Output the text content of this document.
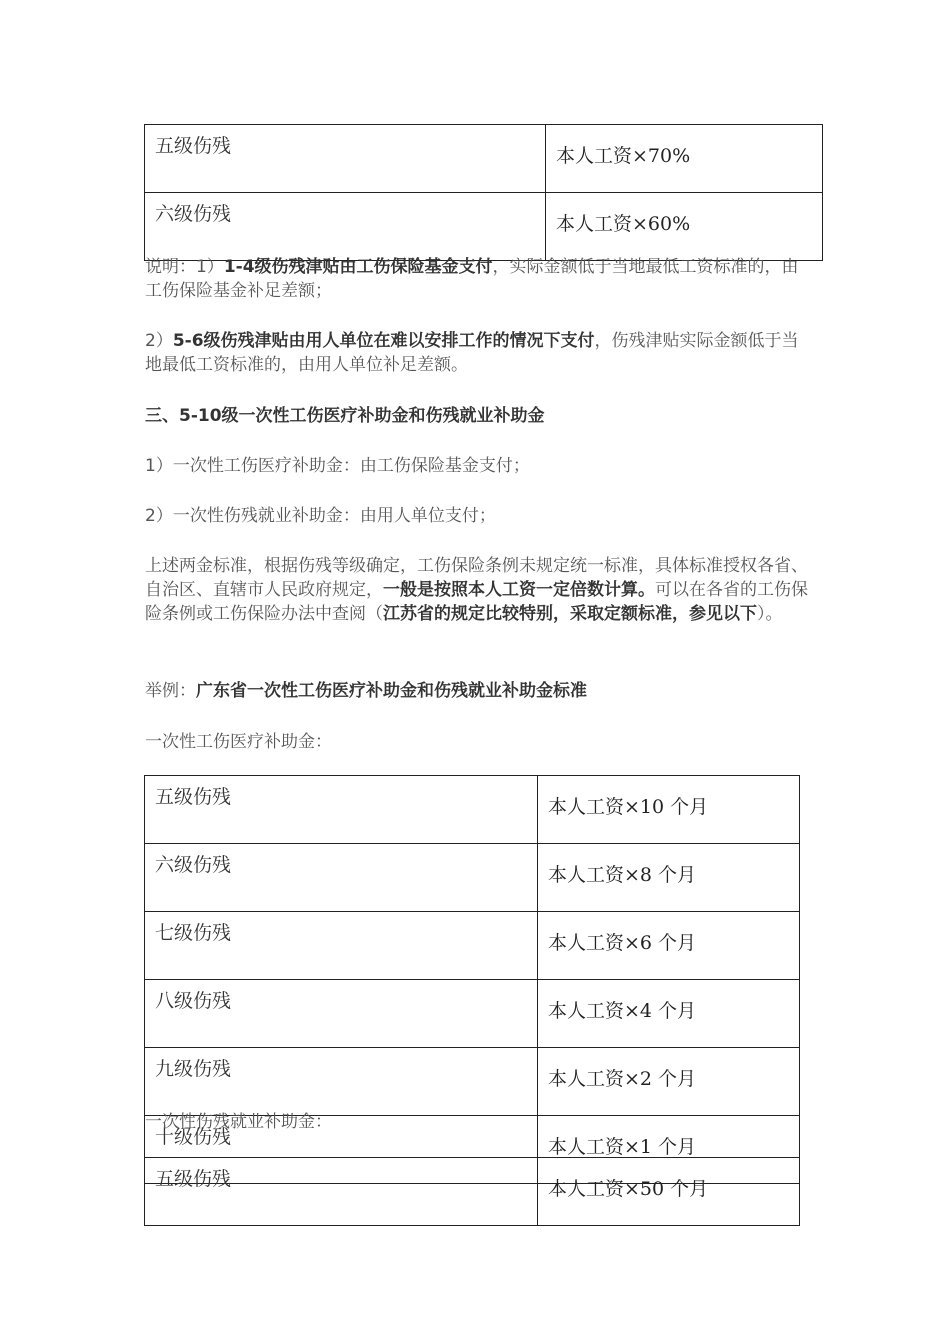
五级伤残	本人工资×70%
六级伤残	本人工资×60%
说明：1）1-4级伤残津贴由工伤保险基金支付，实际金额低于当地最低工资标准的，由工伤保险基金补足差额；
2）5-6级伤残津贴由用人单位在难以安排工作的情况下支付，伤残津贴实际金额低于当地最低工资标准的，由用人单位补足差额。
三、5-10级一次性工伤医疗补助金和伤残就业补助金
1）一次性工伤医疗补助金：由工伤保险基金支付；
2）一次性伤残就业补助金：由用人单位支付；
上述两金标准，根据伤残等级确定，工伤保险条例未规定统一标准，具体标准授权各省、自治区、直辖市人民政府规定，一般是按照本人工资一定倍数计算。可以在各省的工伤保险条例或工伤保险办法中查阅（江苏省的规定比较特别，采取定额标准，参见以下）。
举例：广东省一次性工伤医疗补助金和伤残就业补助金标准
一次性工伤医疗补助金：
五级伤残	本人工资×10 个月
六级伤残	本人工资×8 个月
七级伤残	本人工资×6 个月
八级伤残	本人工资×4 个月
九级伤残	本人工资×2 个月
十级伤残	本人工资×1 个月
一次性伤残就业补助金：
五级伤残	本人工资×50 个月
